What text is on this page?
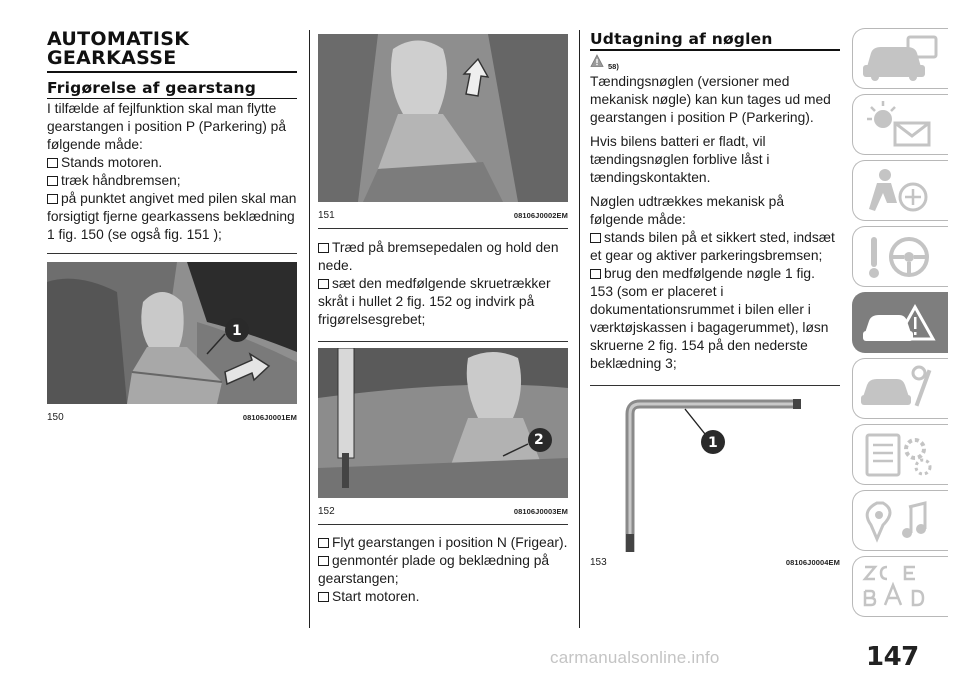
AUTOMATISK
GEARKASSE
Frigørelse af gearstang

I tilfælde af fejlfunktion skal man flytte gearstangen i position P (Parkering) på følgende måde:

Stands motoren.

træk håndbremsen;

på punktet angivet med pilen skal man forsigtigt fjerne gearkassens beklædning 1 fig. 150 (se også fig. 151 );

1
150	08106J0001EM
151	08106J0002EM

Træd på bremsepedalen og hold den nede.

sæt den medfølgende skruetrækker skråt i hullet 2 fig. 152 og indvirk på frigørelsesgrebet;

2
152	08106J0003EM

Flyt gearstangen i position N (Frigear).

genmontér plade og beklædning på gearstangen;

Start motoren.

Udtagning af nøglen
58)

Tændingsnøglen (versioner med mekanisk nøgle) kan kun tages ud med gearstangen i position P (Parkering).

Hvis bilens batteri er fladt, vil tændingsnøglen forblive låst i tændingskontakten.

Nøglen udtrækkes mekanisk på følgende måde:

stands bilen på et sikkert sted, indsæt et gear og aktiver parkeringsbremsen;

brug den medfølgende nøgle 1 fig. 153 (som er placeret i dokumentationsrummet i bilen eller i værktøjskassen i bagagerummet), løsn skruerne 2 fig. 154 på den nederste beklædning 3;

1
153	08106J0004EM
carmanualsonline.info	147
